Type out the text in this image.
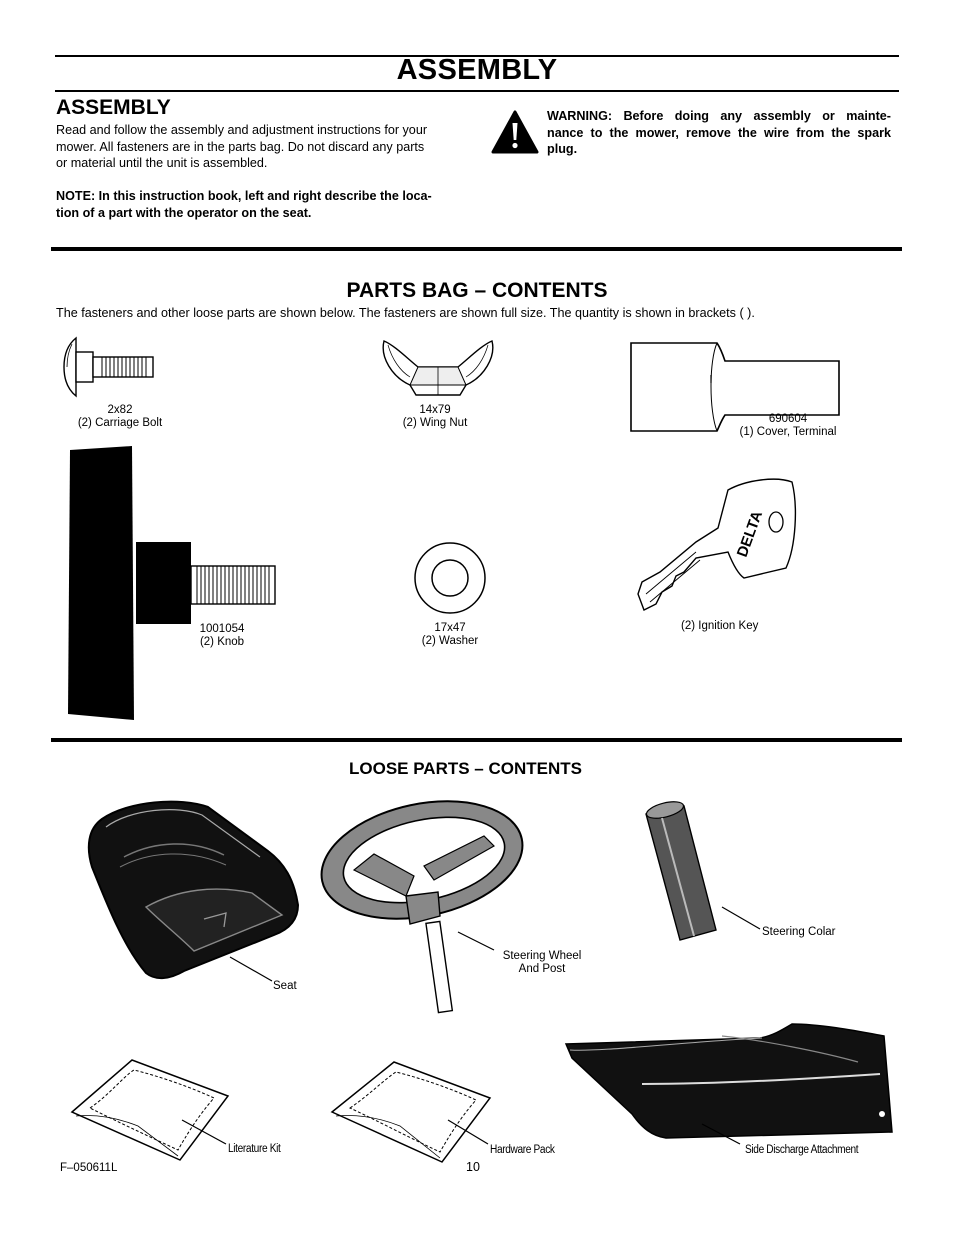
ASSEMBLY
ASSEMBLY
Read and follow the assembly and adjustment instructions for your
mower. All fasteners are in the parts bag. Do not discard any parts
or material until the unit is assembled.
NOTE: In this instruction book, left and right describe the loca-
tion of a part with the operator on the seat.
WARNING: Before doing any assembly or mainte-
nance to the mower, remove the wire from the spark
plug.
PARTS BAG – CONTENTS
The fasteners and other loose parts are shown below. The fasteners are shown full size. The quantity is shown in brackets ( ).
2x82
(2) Carriage Bolt
14x79
(2) Wing Nut	690604
(1) Cover, Terminal
1001054
(2) Knob
17x47
(2) Washer
DELTA
(2) Ignition Key
LOOSE PARTS – CONTENTS
Seat
Steering Wheel
And Post
Steering Colar
Literature Kit	Hardware Pack	Side Discharge Attachment
F–050611L	10
